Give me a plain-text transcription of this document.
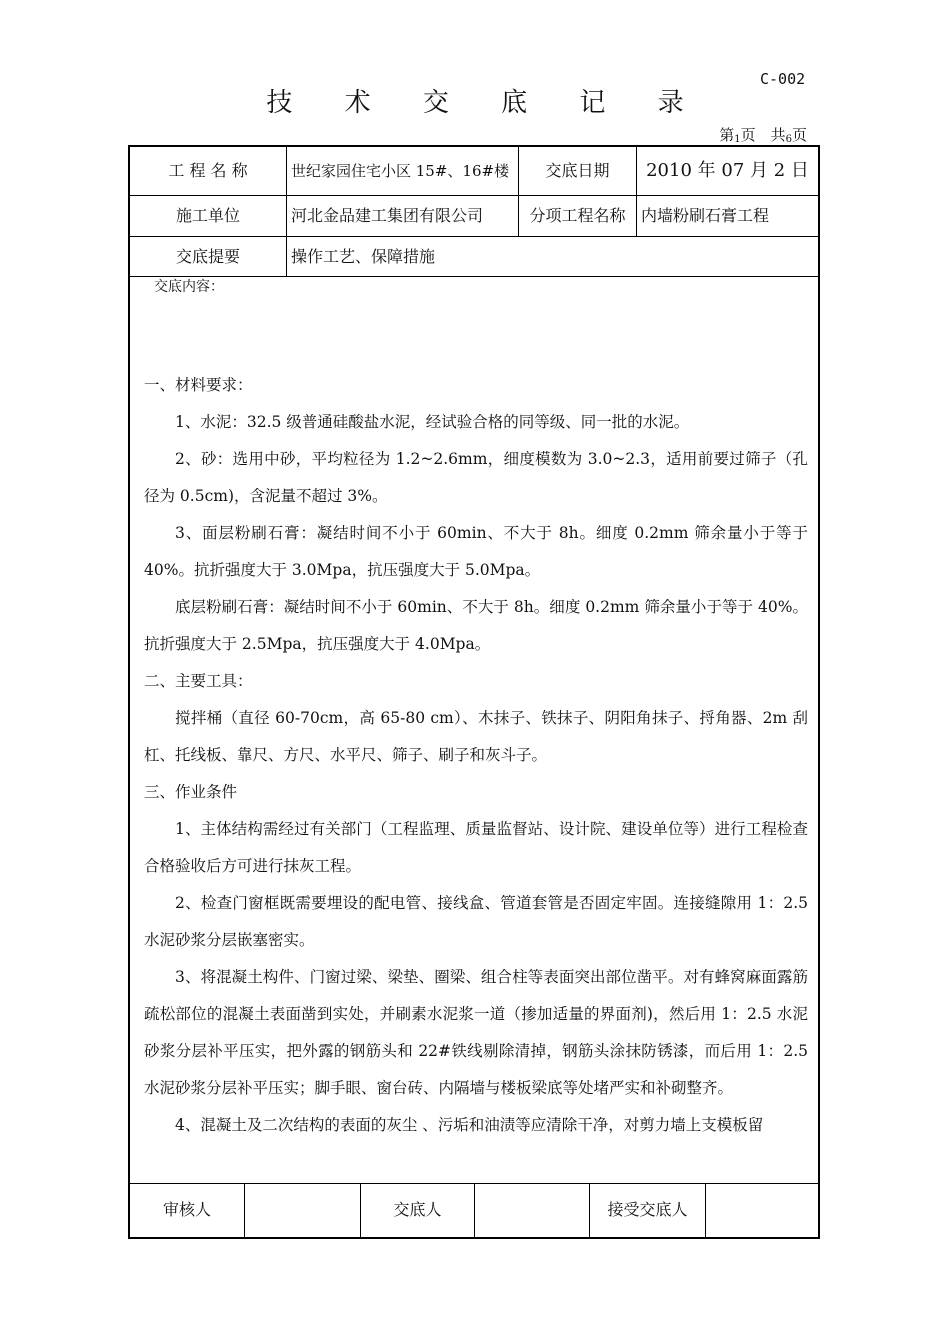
C-002
技 术 交 底 记 录
第$_1$页　共$_6$页
工 程 名 称	世纪家园住宅小区 15#、16#楼	交底日期	2010 年 07 月 2 日
施工单位	河北金品建工集团有限公司	分项工程名称 内墙粉刷石膏工程
交底提要	操作工艺、保障措施

交底内容：

一、材料要求：

1、水泥：32.5 级普通硅酸盐水泥，经试验合格的同等级、同一批的水泥。

2、砂：选用中砂，平均粒径为 1.2~2.6mm，细度模数为 3.0~2.3，适用前要过筛子（孔径为 0.5cm)，含泥量不超过 3%。

3、面层粉刷石膏：凝结时间不小于 60min、不大于 8h。细度 0.2mm 筛余量小于等于 40%。抗折强度大于 3.0Mpa，抗压强度大于 5.0Mpa。

底层粉刷石膏：凝结时间不小于 60min、不大于 8h。细度 0.2mm 筛余量小于等于 40%。抗折强度大于 2.5Mpa，抗压强度大于 4.0Mpa。

二、主要工具：

搅拌桶（直径 60-70cm，高 65-80 cm）、木抹子、铁抹子、阴阳角抹子、捋角器、2m 刮杠、托线板、靠尺、方尺、水平尺、筛子、刷子和灰斗子。

三、作业条件

1、主体结构需经过有关部门（工程监理、质量监督站、设计院、建设单位等）进行工程检查合格验收后方可进行抹灰工程。

2、检查门窗框既需要埋设的配电管、接线盒、管道套管是否固定牢固。连接缝隙用 1：2.5 水泥砂浆分层嵌塞密实。

3、将混凝土构件、门窗过梁、梁垫、圈梁、组合柱等表面突出部位凿平。对有蜂窝麻面露筋疏松部位的混凝土表面凿到实处，并刷素水泥浆一道（掺加适量的界面剂)，然后用 1：2.5 水泥砂浆分层补平压实，把外露的钢筋头和 22#铁线剔除清掉，钢筋头涂抹防锈漆，而后用 1：2.5 水泥砂浆分层补平压实；脚手眼、窗台砖、内隔墙与楼板梁底等处堵严实和补砌整齐。

4、混凝土及二次结构的表面的灰尘 、污垢和油渍等应清除干净，对剪力墙上支模板留

审核人	交底人	接受交底人
